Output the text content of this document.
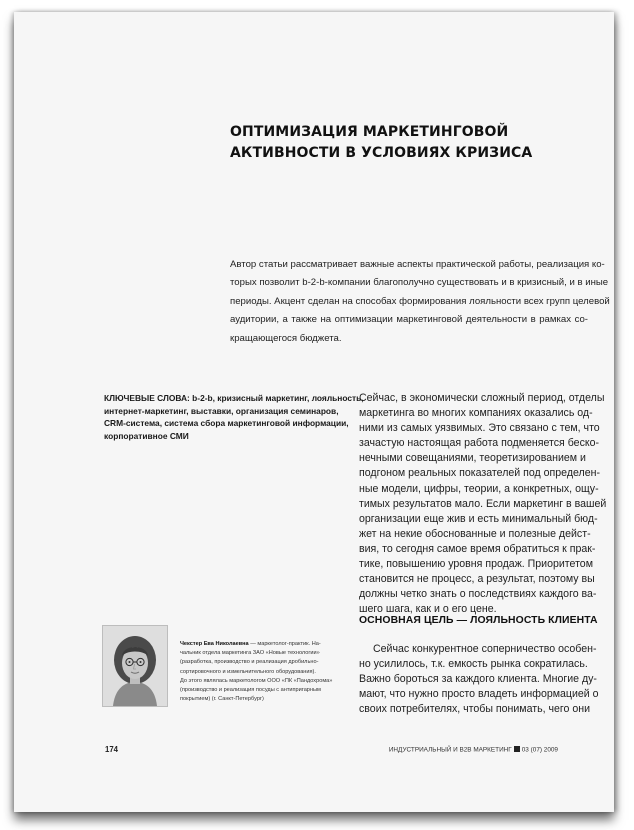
ОПТИМИЗАЦИЯ МАРКЕТИНГОВОЙ
АКТИВНОСТИ В УСЛОВИЯХ КРИЗИСА
Автор статьи рассматривает важные аспекты практической работы, реализация ко-
торых позволит b-2-b-компании благополучно существовать и в кризисный, и в иные
периоды. Акцент сделан на способах формирования лояльности всех групп целевой
аудитории, а также на оптимизации маркетинговой деятельности в рамках со-
кращающегося бюджета.
КЛЮЧЕВЫЕ СЛОВА: b-2-b, кризисный маркетинг, лояльность,
интернет-маркетинг, выставки, организация семинаров,
CRM-система, система сбора маркетинговой информации,
корпоративное СМИ
Сейчас, в экономически сложный период, отделы
маркетинга во многих компаниях оказались од-
ними из самых уязвимых. Это связано с тем, что
зачастую настоящая работа подменяется беско-
нечными совещаниями, теоретизированием и
подгоном реальных показателей под определен-
ные модели, цифры, теории, а конкретных, ощу-
тимых результатов мало. Если маркетинг в вашей
организации еще жив и есть минимальный бюд-
жет на некие обоснованные и полезные дейст-
вия, то сегодня самое время обратиться к прак-
тике, повышению уровня продаж. Приоритетом
становится не процесс, а результат, поэтому вы
должны четко знать о последствиях каждого ва-
шего шага, как и о его цене.
ОСНОВНАЯ ЦЕЛЬ — ЛОЯЛЬНОСТЬ КЛИЕНТА
Сейчас конкурентное соперничество особен-
но усилилось, т.к. емкость рынка сократилась.
Важно бороться за каждого клиента. Многие ду-
мают, что нужно просто владеть информацией о
своих потребителях, чтобы понимать, чего они
Чекстер Ева Николаевна — маркетолог-практик. На-
чальник отдела маркетинга ЗАО «Новые технологии»
(разработка, производство и реализация дробильно-
сортировочного и измельчительного оборудования).
До этого являлась маркетологом ООО «ПК «Пандохрома»
(производство и реализация посуды с антипригарным
покрытием) (г. Санкт-Петербург)
174	ИНДУСТРИАЛЬНЫЙ И B2B МАРКЕТИНГ 03 (07) 2009
